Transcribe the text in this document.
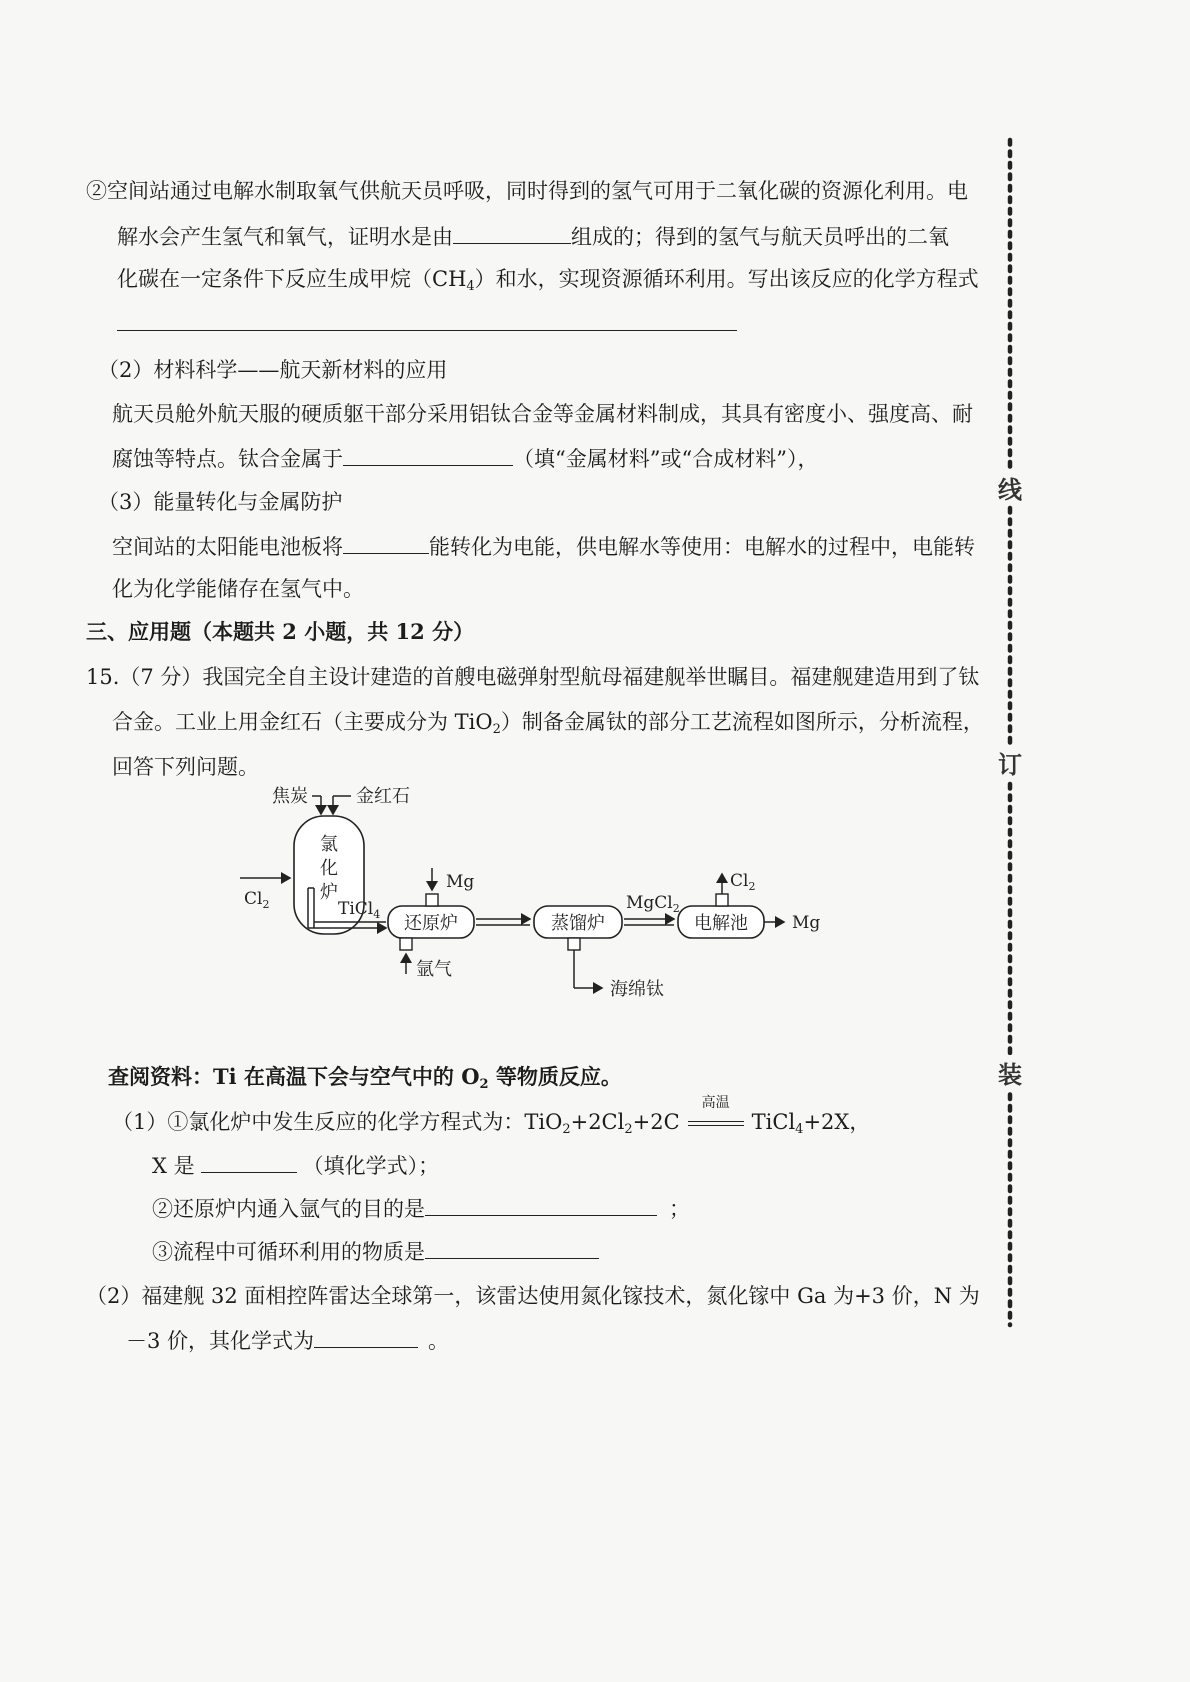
线
订
装
②空间站通过电解水制取氧气供航天员呼吸，同时得到的氢气可用于二氧化碳的资源化利用。电
解水会产生氢气和氧气，证明水是由	组成的；得到的氢气与航天员呼出的二氧
化碳在一定条件下反应生成甲烷$(CH_4)$和水，实现资源循环利用。写出该反应的化学方程式
（2）材料科学——航天新材料的应用
航天员舱外航天服的硬质躯干部分采用铝钛合金等金属材料制成，其具有密度小、强度高、耐
腐蚀等特点。钛合金属于	（填“金属材料”或“合成材料”），
（3）能量转化与金属防护
空间站的太阳能电池板将	能转化为电能，供电解水等使用：电解水的过程中，电能转
化为化学能储存在氢气中。
三、应用题（本题共 2 小题，共 12 分）
15.（7 分）我国完全自主设计建造的首艘电磁弹射型航母福建舰举世瞩目。福建舰建造用到了钛
合金。工业上用金红石（主要成分为 TiO$_2$）制备金属钛的部分工艺流程如图所示，分析流程，
回答下列问题。
焦炭	金红石
氯
化
炉
$Cl_2$	TiCl$_4$ 还原炉
Mg
氩气
蒸馏炉
海绵钛
MgCl$_2$
电解池
$Cl_2$
Mg
查阅资料：Ti 在高温下会与空气中的 $O_2$ 等物质反应。
（1）①氯化炉中发生反应的化学方程式为：$TiO_2+2Cl_2+2C$
高温
TiCl$_4$+2X，
X 是	（填化学式）；
②还原炉内通入氩气的目的是	；
③流程中可循环利用的物质是
（2）福建舰 32 面相控阵雷达全球第一，该雷达使用氮化镓技术，氮化镓中 Ga 为+3 价，N 为
－3 价，其化学式为	。
